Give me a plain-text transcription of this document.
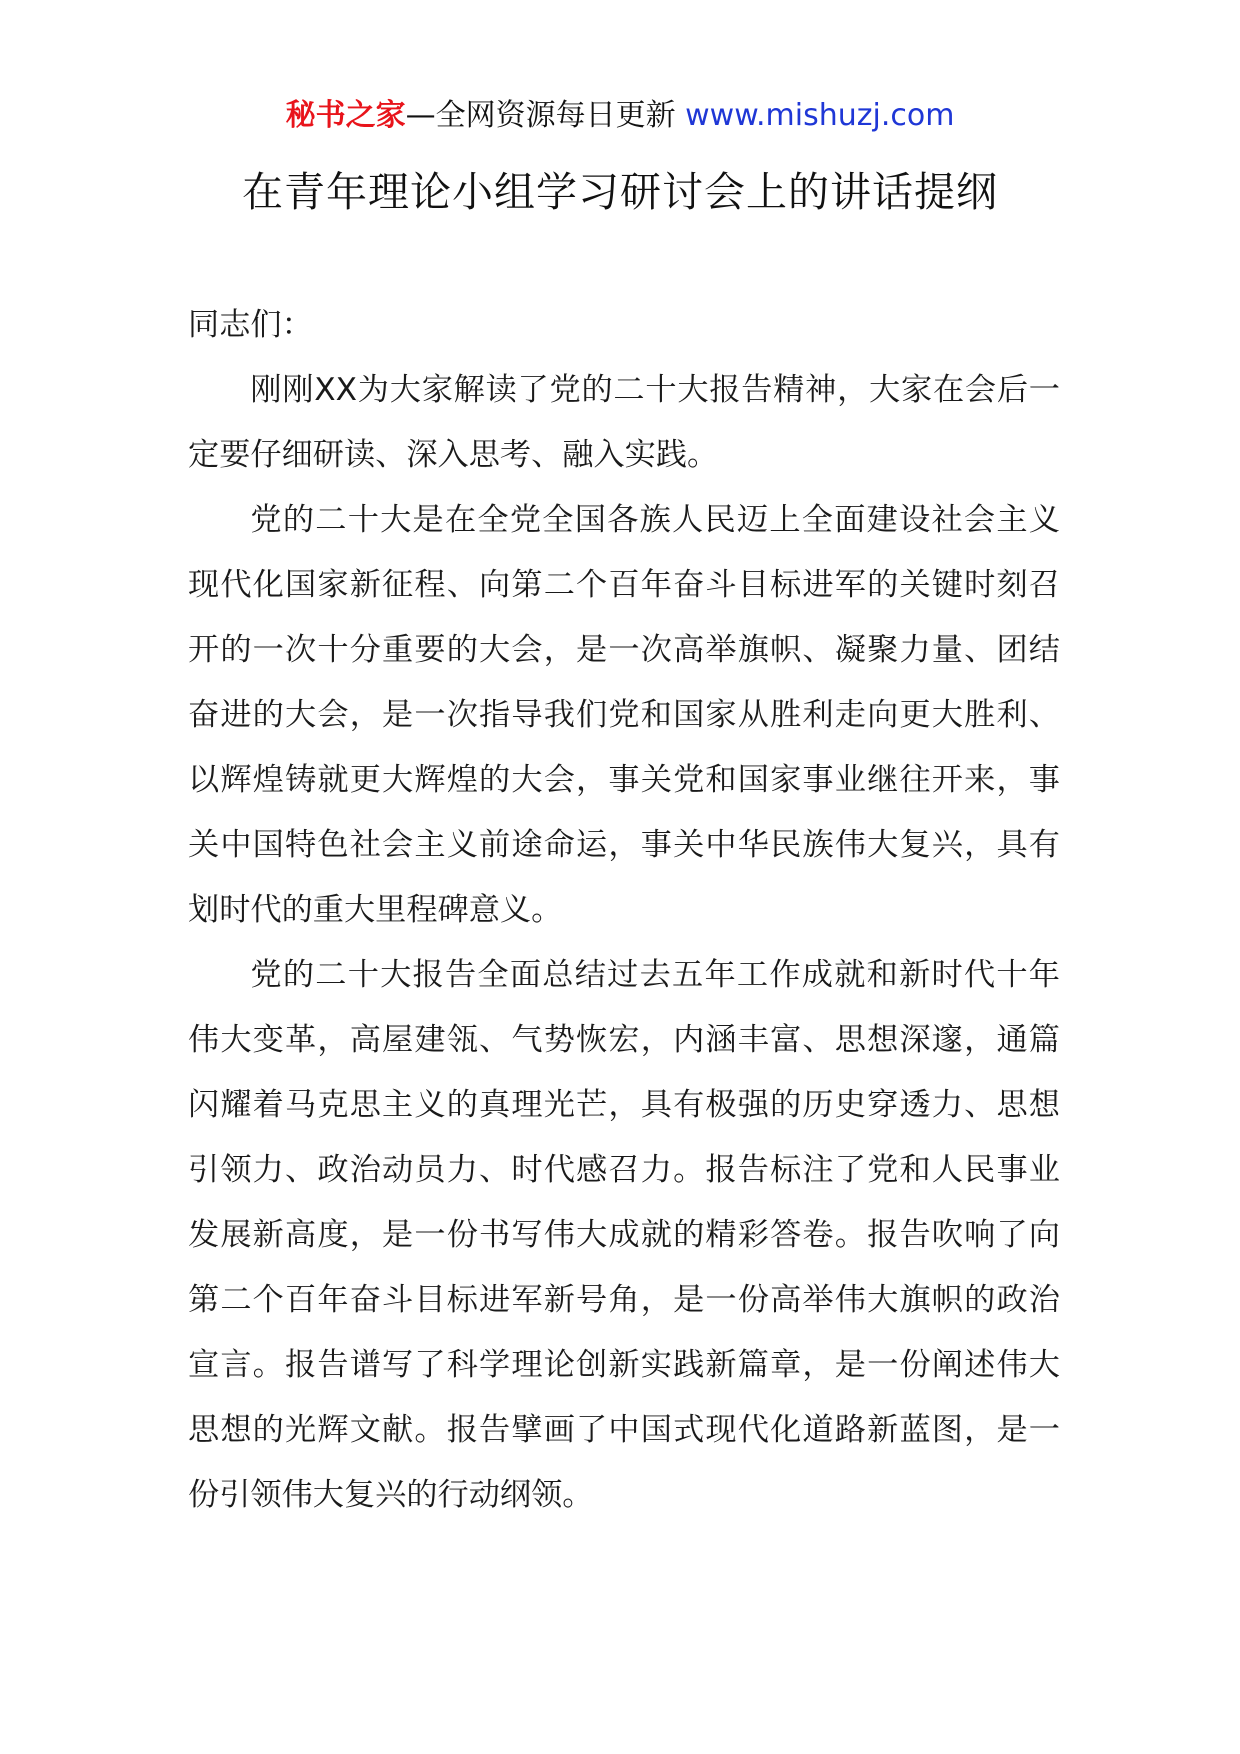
秘书之家—全网资源每日更新 www.mishuzj.com
在青年理论小组学习研讨会上的讲话提纲

同志们：

刚刚XX为大家解读了党的二十大报告精神，大家在会后一定要仔细研读、深入思考、融入实践。

党的二十大是在全党全国各族人民迈上全面建设社会主义现代化国家新征程、向第二个百年奋斗目标进军的关键时刻召开的一次十分重要的大会，是一次高举旗帜、凝聚力量、团结奋进的大会，是一次指导我们党和国家从胜利走向更大胜利、以辉煌铸就更大辉煌的大会，事关党和国家事业继往开来，事关中国特色社会主义前途命运，事关中华民族伟大复兴，具有划时代的重大里程碑意义。

党的二十大报告全面总结过去五年工作成就和新时代十年伟大变革，高屋建瓴、气势恢宏，内涵丰富、思想深邃，通篇闪耀着马克思主义的真理光芒，具有极强的历史穿透力、思想引领力、政治动员力、时代感召力。报告标注了党和人民事业发展新高度，是一份书写伟大成就的精彩答卷。报告吹响了向第二个百年奋斗目标进军新号角，是一份高举伟大旗帜的政治宣言。报告谱写了科学理论创新实践新篇章，是一份阐述伟大思想的光辉文献。报告擘画了中国式现代化道路新蓝图，是一份引领伟大复兴的行动纲领。
